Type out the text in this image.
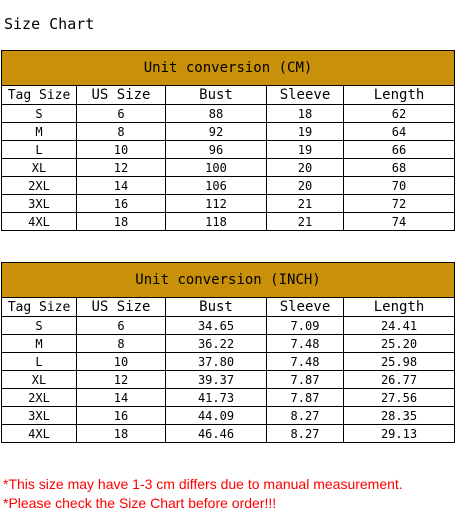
Size Chart
Unit conversion (CM)				
Tag Size	US Size	Bust	Sleeve	Length
S	6	88	18	62
M	8	92	19	64
L	10	96	19	66
XL	12	100	20	68
2XL	14	106	20	70
3XL	16	112	21	72
4XL	18	118	21	74
Unit conversion (INCH)				
Tag Size	US Size	Bust	Sleeve	Length
S	6	34.65	7.09	24.41
M	8	36.22	7.48	25.20
L	10	37.80	7.48	25.98
XL	12	39.37	7.87	26.77
2XL	14	41.73	7.87	27.56
3XL	16	44.09	8.27	28.35
4XL	18	46.46	8.27	29.13
*This size may have 1-3 cm differs due to manual measurement.
*Please check the Size Chart before order!!!
